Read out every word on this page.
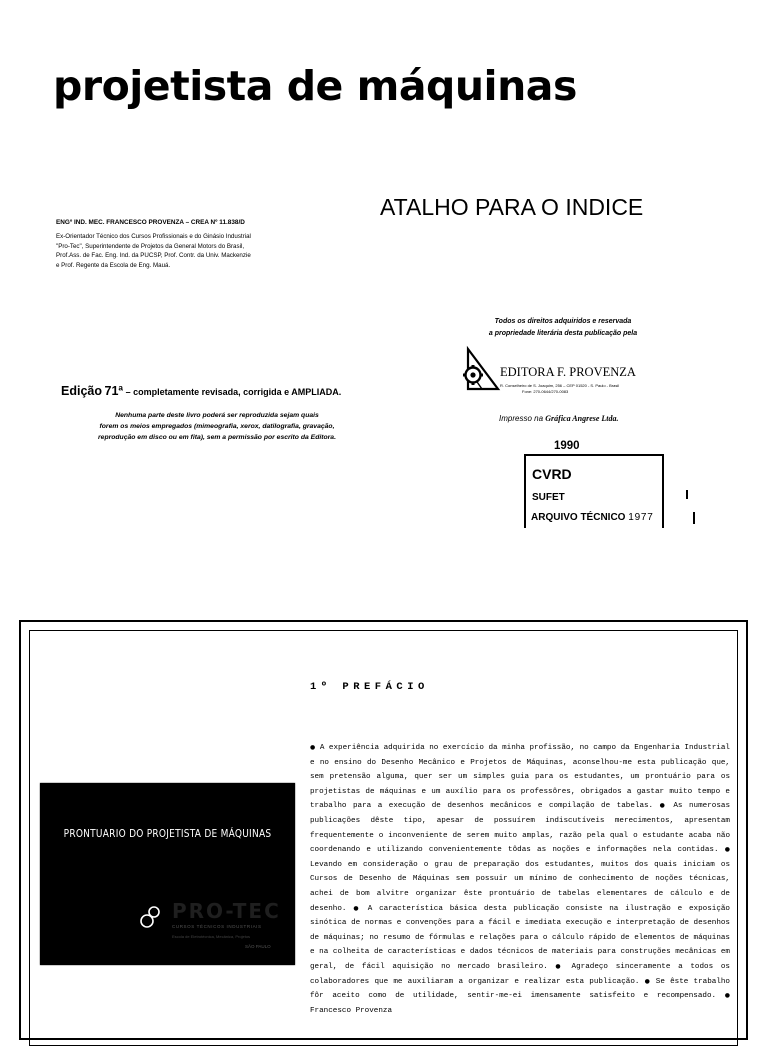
projetista de máquinas
ATALHO PARA O INDICE
ENGº IND. MEC. FRANCESCO PROVENZA – CREA Nº 11.838/D
Ex-Orientador Técnico dos Cursos Profissionais e do Ginásio Industrial
"Pro-Tec", Superintendente de Projetos da General Motors do Brasil,
Prof.Ass. de Fac. Eng. Ind. da PUCSP, Prof. Contr. da Univ. Mackenzie
e Prof. Regente da Escola de Eng. Mauá.
Todos os direitos adquiridos e reservada
a propriedade literária desta publicação pela
EDITORA F. PROVENZA
R. Conselheiro de S. Joaquim, 256 – CEP 01520 - S. Paulo - Brasil
Fone: 270-0644/270-0083
Edição 71ª – completamente revisada, corrigida e AMPLIADA.
Nenhuma parte deste livro poderá ser reproduzida sejam quais
forem os meios empregados (mimeografia, xerox, datilografia, gravação,
reprodução em disco ou em fita), sem a permissão por escrito da Editora.
Impresso na Gráfica Angrese Ltda.
1990
CVRD
SUFET
ARQUIVO TÉCNICO 1 9 7 7
1º PREFÁCIO
● A experiência adquirida no exercício da minha profissão, no campo da Engenharia Industrial e no ensino do Desenho Mecânico e Projetos de Máquinas, aconselhou-me esta publicação que, sem pretensão alguma, quer ser um simples guia para os estudantes, um prontuário para os projetistas de máquinas e um auxílio para os professôres, obrigados a gastar muito tempo e trabalho para a execução de desenhos mecânicos e compilação de tabelas. ● As numerosas publicações dêste tipo, apesar de possuírem indiscutíveis merecimentos, apresentam frequentemente o inconveniente de serem muito amplas, razão pela qual o estudante acaba não coordenando e utilizando convenientemente tôdas as noções e informações nela contidas. ● Levando em consideração o grau de preparação dos estudantes, muitos dos quais iniciam os Cursos de Desenho de Máquinas sem possuir um mínimo de conhecimento de noções técnicas, achei de bom alvitre organizar êste prontuário de tabelas elementares de cálculo e de desenho. ● A característica básica desta publicação consiste na ilustração e exposição sinótica de normas e convenções para a fácil e imediata execução e interpretação de desenhos de máquinas; no resumo de fórmulas e relações para o cálculo rápido de elementos de máquinas e na colheita de características e dados técnicos de materiais para construções mecânicas em geral, de fácil aquisição no mercado brasileiro. ● Agradeço sinceramente a todos os colaboradores que me auxiliaram a organizar e realizar esta publicação. ● Se êste trabalho fôr aceito como de utilidade, sentir-me-ei imensamente satisfeito e recompensado. ● Francesco Provenza
PRONTUARIO DO PROJETISTA DE MÁQUINAS
PRO-TEC
CURSOS TÉCNICOS INDUSTRIAIS
Escola de Eletrotécnica, Mecânica, Projetos
SÃO PAULO
